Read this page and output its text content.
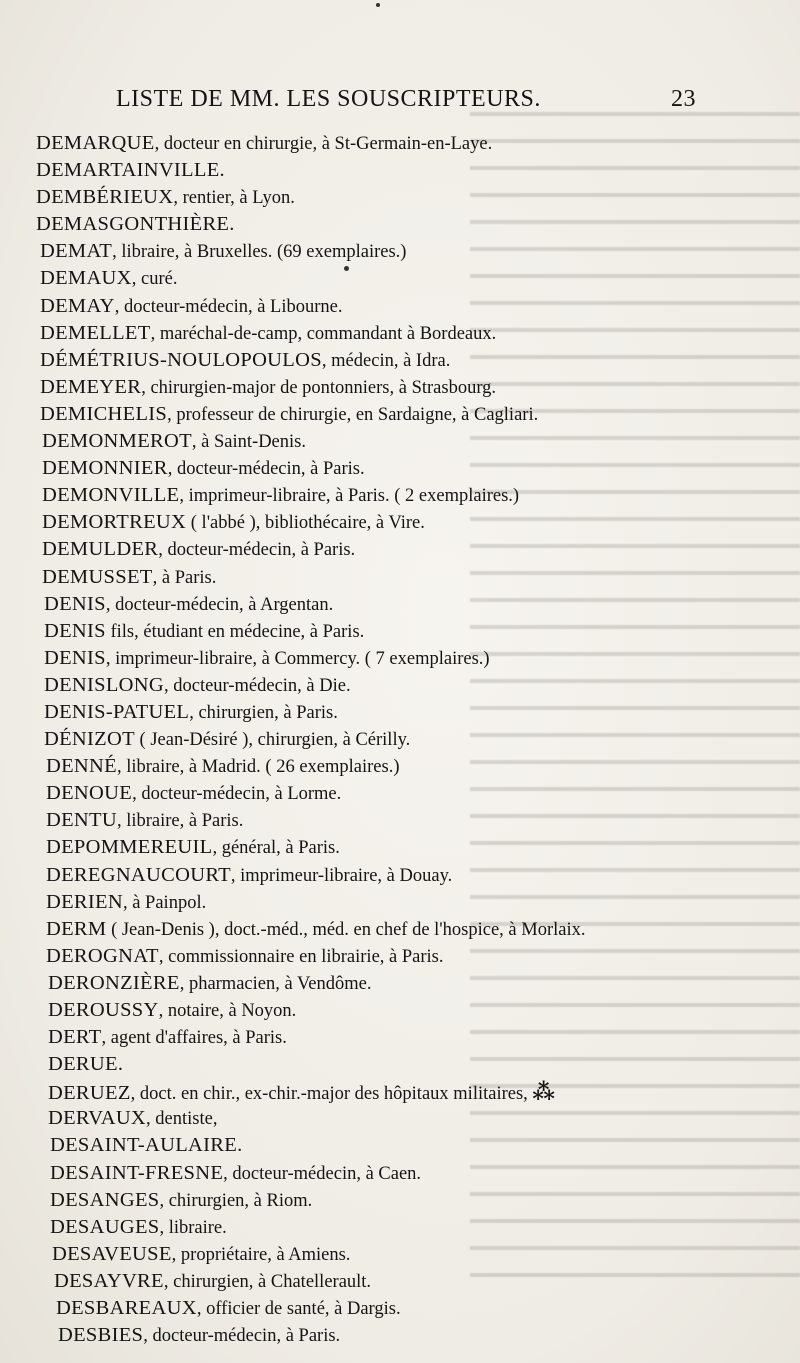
LISTE DE MM. LES SOUSCRIPTEURS.	23
DEMARQUE, docteur en chirurgie, à St-Germain-en-Laye.
DEMARTAINVILLE.
DEMBÉRIEUX, rentier, à Lyon.
DEMASGONTHIÈRE.
DEMAT, libraire, à Bruxelles. (69 exemplaires.)
DEMAUX, curé.
DEMAY, docteur-médecin, à Libourne.
DEMELLET, maréchal-de-camp, commandant à Bordeaux.
DÉMÉTRIUS-NOULOPOULOS, médecin, à Idra.
DEMEYER, chirurgien-major de pontonniers, à Strasbourg.
DEMICHELIS, professeur de chirurgie, en Sardaigne, à Cagliari.
DEMONMEROT, à Saint-Denis.
DEMONNIER, docteur-médecin, à Paris.
DEMONVILLE, imprimeur-libraire, à Paris. ( 2 exemplaires.)
DEMORTREUX ( l'abbé ), bibliothécaire, à Vire.
DEMULDER, docteur-médecin, à Paris.
DEMUSSET, à Paris.
DENIS, docteur-médecin, à Argentan.
DENIS fils, étudiant en médecine, à Paris.
DENIS, imprimeur-libraire, à Commercy. ( 7 exemplaires.)
DENISLONG, docteur-médecin, à Die.
DENIS-PATUEL, chirurgien, à Paris.
DÉNIZOT ( Jean-Désiré ), chirurgien, à Cérilly.
DENNÉ, libraire, à Madrid. ( 26 exemplaires.)
DENOUE, docteur-médecin, à Lorme.
DENTU, libraire, à Paris.
DEPOMMEREUIL, général, à Paris.
DEREGNAUCOURT, imprimeur-libraire, à Douay.
DERIEN, à Painpol.
DERM ( Jean-Denis ), doct.-méd., méd. en chef de l'hospice, à Morlaix.
DEROGNAT, commissionnaire en librairie, à Paris.
DERONZIÈRE, pharmacien, à Vendôme.
DEROUSSY, notaire, à Noyon.
DERT, agent d'affaires, à Paris.
DERUE.
DERUEZ, doct. en chir., ex-chir.-major des hôpitaux militaires, ⁂
DERVAUX, dentiste,
DESAINT-AULAIRE.
DESAINT-FRESNE, docteur-médecin, à Caen.
DESANGES, chirurgien, à Riom.
DESAUGES, libraire.
DESAVEUSE, propriétaire, à Amiens.
DESAYVRE, chirurgien, à Chatellerault.
DESBAREAUX, officier de santé, à Dargis.
DESBIES, docteur-médecin, à Paris.
